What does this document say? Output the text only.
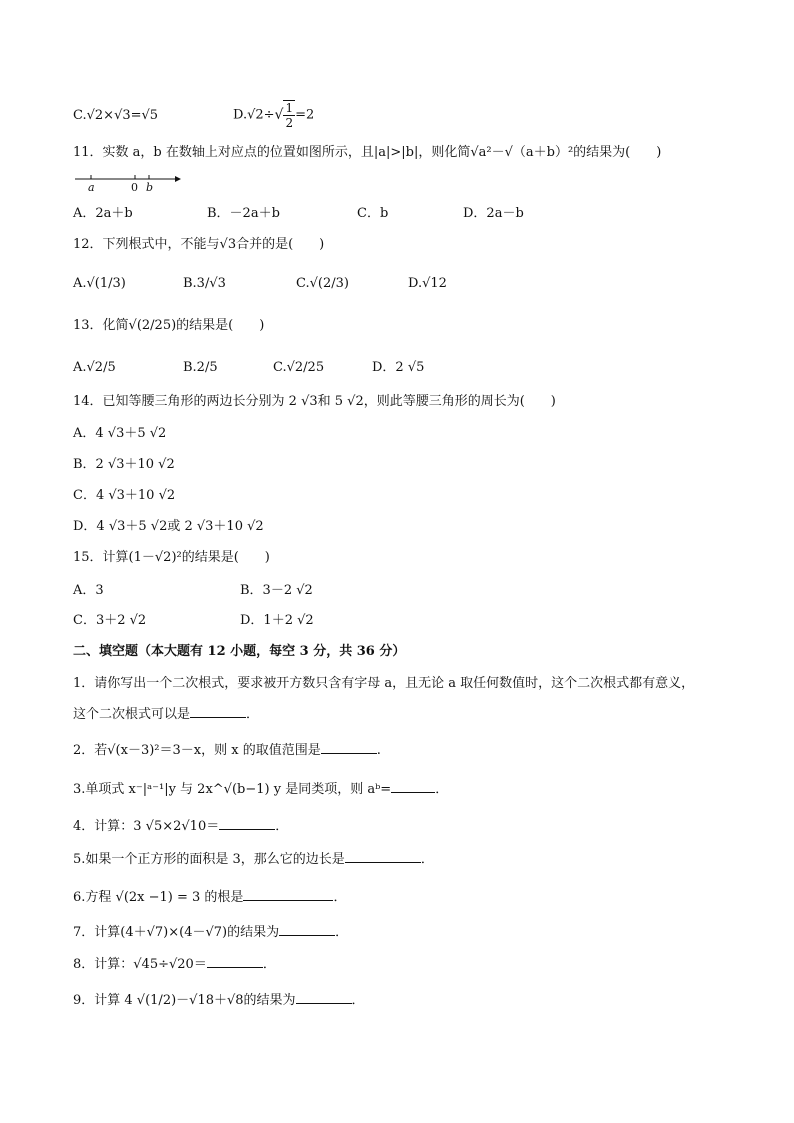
C.√2×√3=√5	$D.√2\div√ \frac{1}{2} =2$
11．实数 a，b 在数轴上对应点的位置如图所示，且|a|>|b|，则化简√a²－√（a＋b）²的结果为(　　)
a	0 b
A．2a＋b	B．－2a＋b	C．b	D．2a－b
12．下列根式中，不能与√3合并的是(　　)
A.√(1/3)	B.3/√3	C.√(2/3)	D.√12
13．化简√(2/25)的结果是(　　)
A.√2/5	B.2/5	C.√2/25	D．2 √5
14．已知等腰三角形的两边长分别为 2 √3和 5 √2，则此等腰三角形的周长为(　　)
A．4 √3＋5 √2
B．2 √3＋10 √2
C．4 √3＋10 √2
D．4 √3＋5 √2或 2 √3＋10 √2
15．计算(1－√2)²的结果是(　　)
A．3	B．3－2 √2
C．3＋2 √2	D．1＋2 √2
二、填空题（本大题有 12 小题，每空 3 分，共 36 分）
1．请你写出一个二次根式，要求被开方数只含有字母 a，且无论 a 取任何数值时，这个二次根式都有意义，
这个二次根式可以是	．
2．若√(x－3)²＝3－x，则 x 的取值范围是	.
3.单项式 x⁻|ᵃ⁻¹|y 与 2x^√(b−1) y 是同类项，则 aᵇ=	．
4．计算：3 √5×2√10＝	．
5.如果一个正方形的面积是 3，那么它的边长是	．
6.方程 √(2x −1) = 3 的根是	．
7．计算(4＋√7)×(4－√7)的结果为	．
8．计算：√45÷√20＝	．
9．计算 4 √(1/2)－√18＋√8的结果为	．
